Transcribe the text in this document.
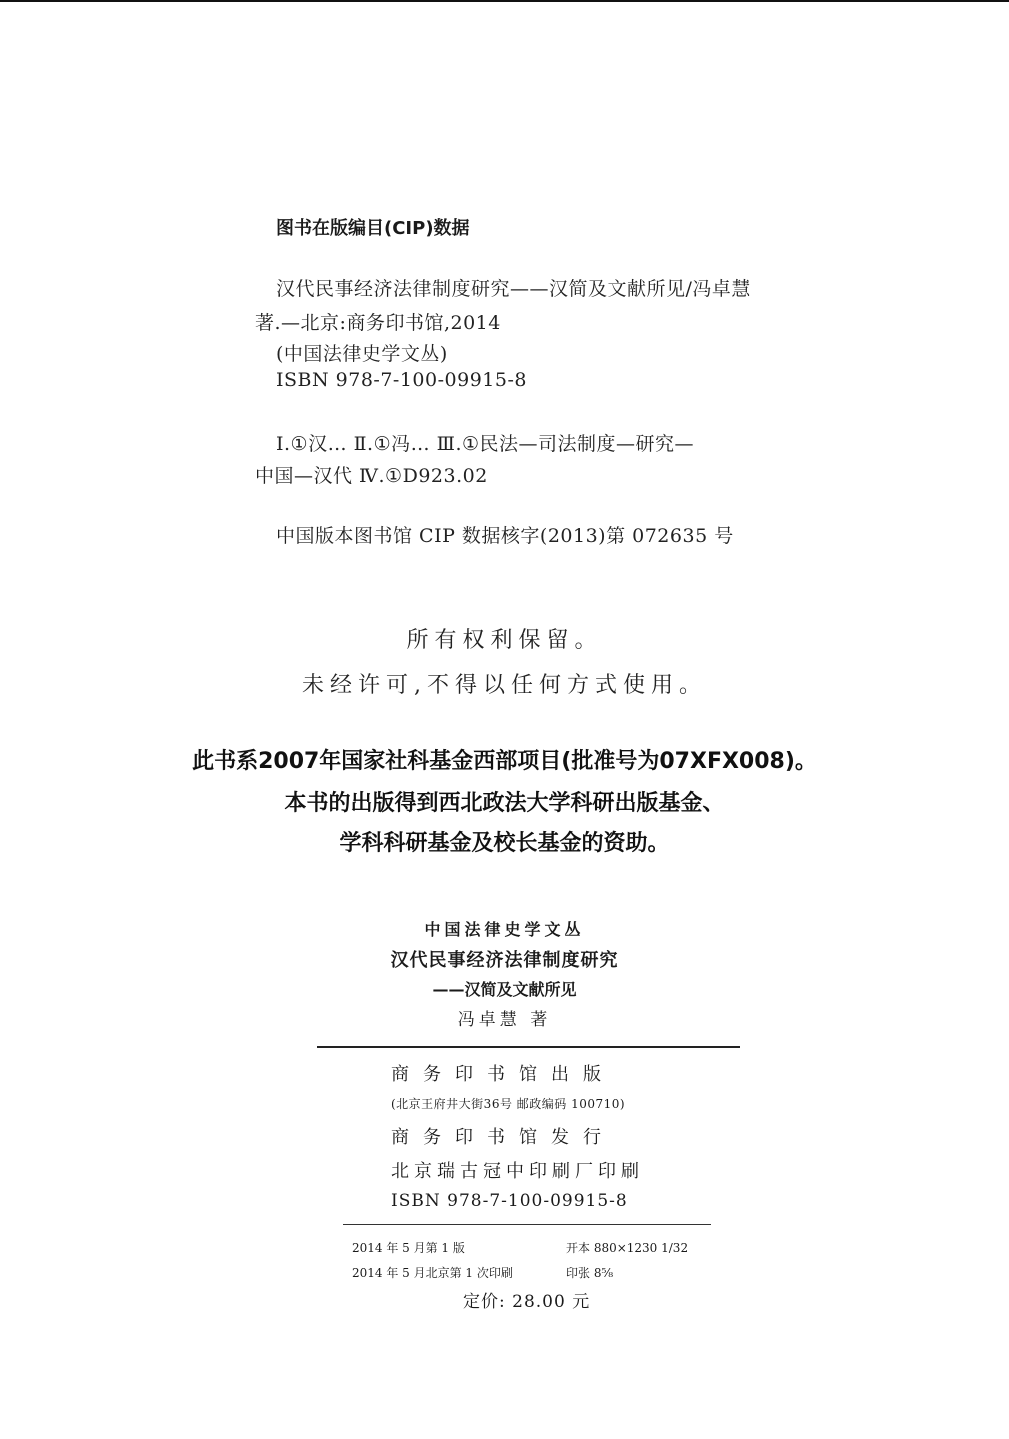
图书在版编目(CIP)数据
汉代民事经济法律制度研究——汉简及文献所见/冯卓慧
著.—北京:商务印书馆,2014
(中国法律史学文丛)
ISBN 978-7-100-09915-8
Ⅰ.①汉… Ⅱ.①冯… Ⅲ.①民法—司法制度—研究—
中国—汉代 Ⅳ.①D923.02
中国版本图书馆 CIP 数据核字(2013)第 072635 号
所有权利保留。
未经许可,不得以任何方式使用。
此书系2007年国家社科基金西部项目(批准号为07XFX008)。
本书的出版得到西北政法大学科研出版基金、
学科科研基金及校长基金的资助。
中国法律史学文丛
汉代民事经济法律制度研究
——汉简及文献所见
冯卓慧 著
商务印书馆出版
(北京王府井大街36号 邮政编码 100710)
商务印书馆发行
北京瑞古冠中印刷厂印刷
ISBN 978-7-100-09915-8
2014 年 5 月第 1 版	开本 880×1230 1/32
2014 年 5 月北京第 1 次印刷	印张 8⅝
定价: 28.00 元
